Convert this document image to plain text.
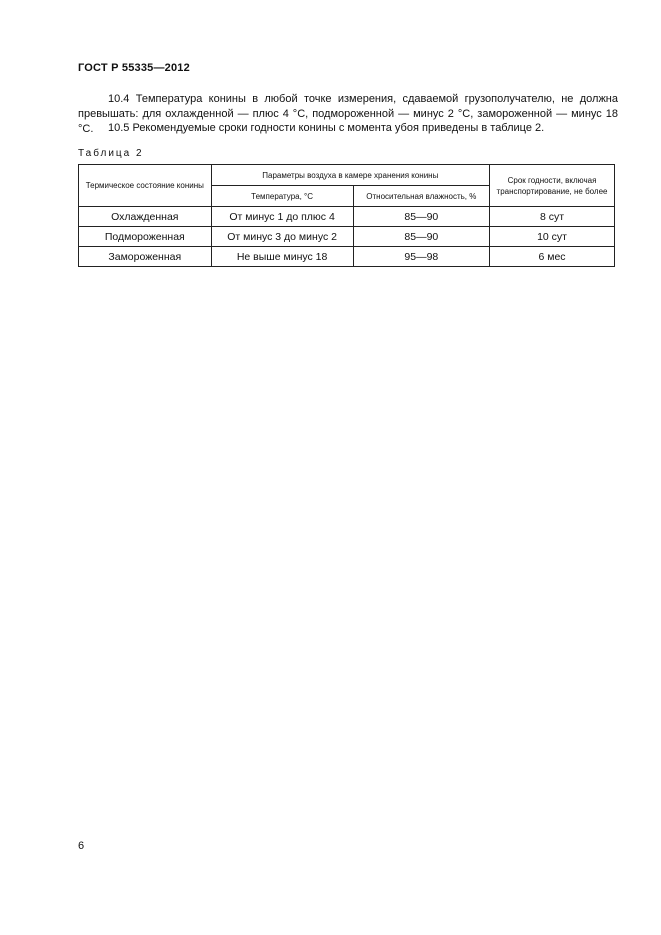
ГОСТ Р 55335—2012

10.4 Температура конины в любой точке измерения, сдаваемой грузополучателю, не должна превышать: для охлажденной — плюс 4 °С, подмороженной — минус 2 °С, замороженной — минус 18 °С.	10.5 Рекомендуемые сроки годности конины с момента убоя приведены в таблице 2.

Таблица 2
Термическое состояние конины	Параметры воздуха в камере хранения конины		Срок годности, включая транспортирование, не более
	Температура, °С	Относительная влажность, %	
Охлажденная	От минус 1 до плюс 4	85—90	8 сут
Подмороженная	От минус 3 до минус 2	85—90	10 сут
Замороженная	Не выше минус 18	95—98	6 мес
6
